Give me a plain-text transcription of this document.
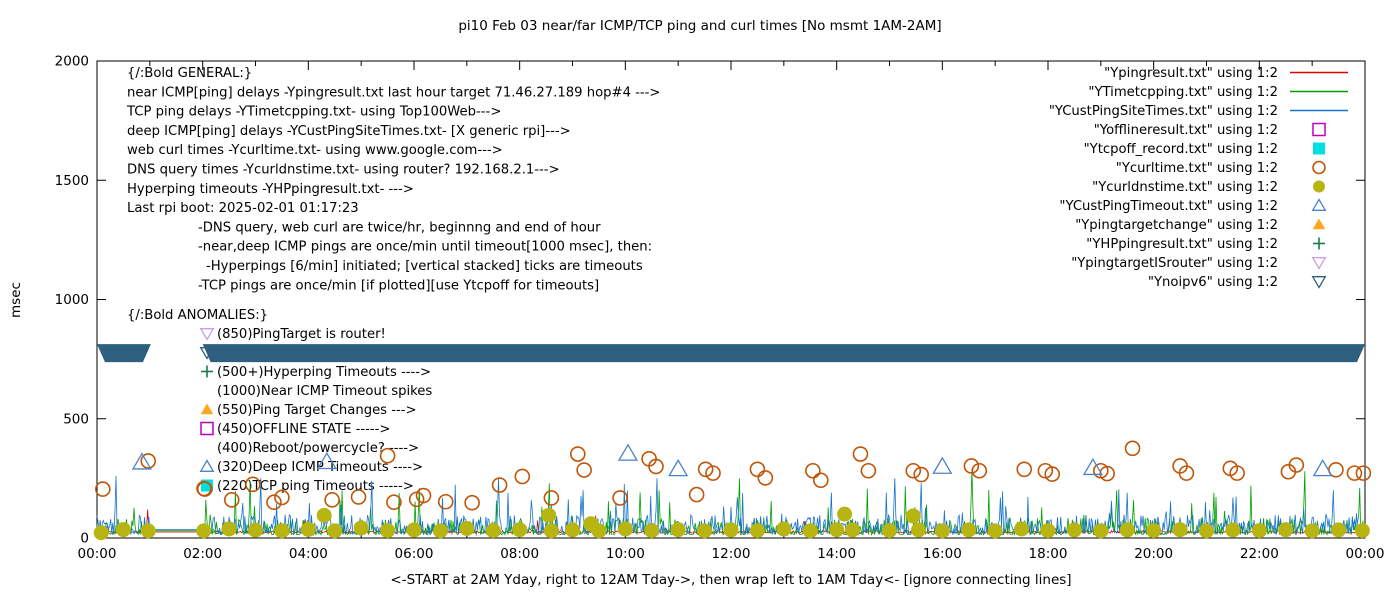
pi10 Feb 03 near/far ICMP/TCP ping and curl times [No msmt 1AM-2AM]
0
500
1000
1500
2000
00:00	02:00	04:00	06:00	08:00	10:00	12:00	14:00	16:00	18:00	20:00	22:00	00:00
{/:Bold GENERAL:}
near ICMP[ping] delays -Ypingresult.txt last hour target 71.46.27.189 hop#4 --->
TCP ping delays -YTimetcpping.txt- using Top100Web--->
deep ICMP[ping] delays -YCustPingSiteTimes.txt- [X generic rpi]--->
web curl times -Ycurltime.txt- using www.google.com--->
DNS query times -Ycurldnstime.txt- using router? 192.168.2.1--->
Hyperping timeouts -YHPpingresult.txt- --->
Last rpi boot: 2025-02-01 01:17:23
-DNS query, web curl are twice/hr, beginnng and end of hour
-near,deep ICMP pings are once/min until timeout[1000 msec], then:
-Hyperpings [6/min] initiated; [vertical stacked] ticks are timeouts
-TCP pings are once/min [if plotted][use Ytcpoff for timeouts]
{/:Bold ANOMALIES:}
(850)PingTarget is router!
(500+)Hyperping Timeouts ---->
(1000)Near ICMP Timeout spikes
(550)Ping Target Changes --->
(450)OFFLINE STATE ----->
(400)Reboot/powercycle? ---->
(320)Deep ICMP Timeouts ---->
(220)TCP ping Timeouts ----->
"Ypingresult.txt" using 1:2
"YTimetcpping.txt" using 1:2
"YCustPingSiteTimes.txt" using 1:2
"Yofflineresult.txt" using 1:2
"Ytcpoff_record.txt" using 1:2
"Ycurltime.txt" using 1:2
"Ycurldnstime.txt" using 1:2
"YCustPingTimeout.txt" using 1:2
"Ypingtargetchange" using 1:2
"YHPpingresult.txt" using 1:2
"YpingtargetISrouter" using 1:2
"Ynoipv6" using 1:2
<-START at 2AM Yday, right to 12AM Tday->, then wrap left to 1AM Tday<- [ignore connecting lines]
msec
